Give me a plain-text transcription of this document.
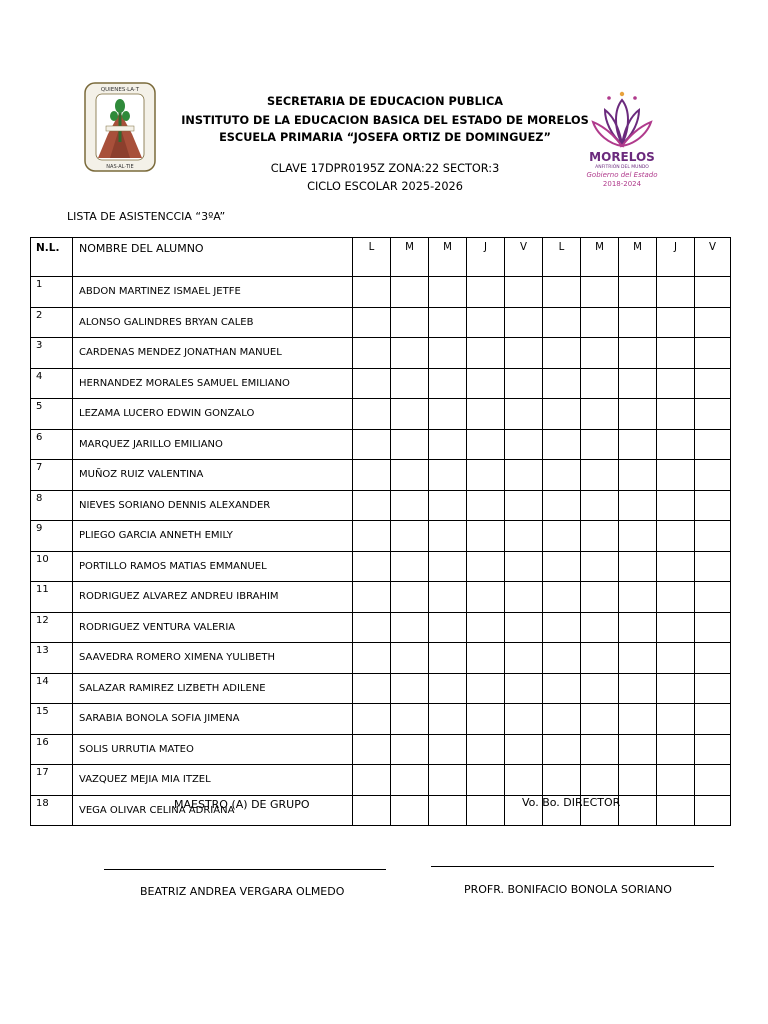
QUIENES·LA·T
NAS·AL·TIE
SECRETARIA DE EDUCACION PUBLICA
INSTITUTO DE LA EDUCACION BASICA DEL ESTADO DE MORELOS
ESCUELA PRIMARIA “JOSEFA ORTIZ DE DOMINGUEZ”
CLAVE 17DPR0195Z ZONA:22 SECTOR:3
CICLO ESCOLAR 2025-2026
MORELOS
ANFITRIÓN DEL MUNDO
Gobierno del Estado
2018-2024
LISTA DE ASISTENCCIA “3ºA”
N.L.	NOMBRE DEL ALUMNO	L	M	M	J	V	L	M	M	J	V
1	ABDON MARTINEZ ISMAEL JETFE										
2	ALONSO GALINDRES BRYAN CALEB										
3	CARDENAS MENDEZ JONATHAN MANUEL										
4	HERNANDEZ MORALES SAMUEL EMILIANO										
5	LEZAMA LUCERO EDWIN GONZALO										
6	MARQUEZ JARILLO EMILIANO										
7	MUÑOZ RUIZ VALENTINA										
8	NIEVES SORIANO DENNIS ALEXANDER										
9	PLIEGO GARCIA ANNETH EMILY										
10	PORTILLO RAMOS MATIAS EMMANUEL										
11	RODRIGUEZ ALVAREZ ANDREU IBRAHIM										
12	RODRIGUEZ VENTURA VALERIA										
13	SAAVEDRA ROMERO XIMENA YULIBETH										
14	SALAZAR RAMIREZ LIZBETH ADILENE										
15	SARABIA BONOLA SOFIA JIMENA										
16	SOLIS URRUTIA MATEO										
17	VAZQUEZ MEJIA MIA ITZEL										
18	VEGA OLIVAR CELINA ADRIANA										
MAESTRO (A) DE GRUPO	Vo. Bo. DIRECTOR
BEATRIZ ANDREA VERGARA OLMEDO	PROFR. BONIFACIO BONOLA SORIANO
